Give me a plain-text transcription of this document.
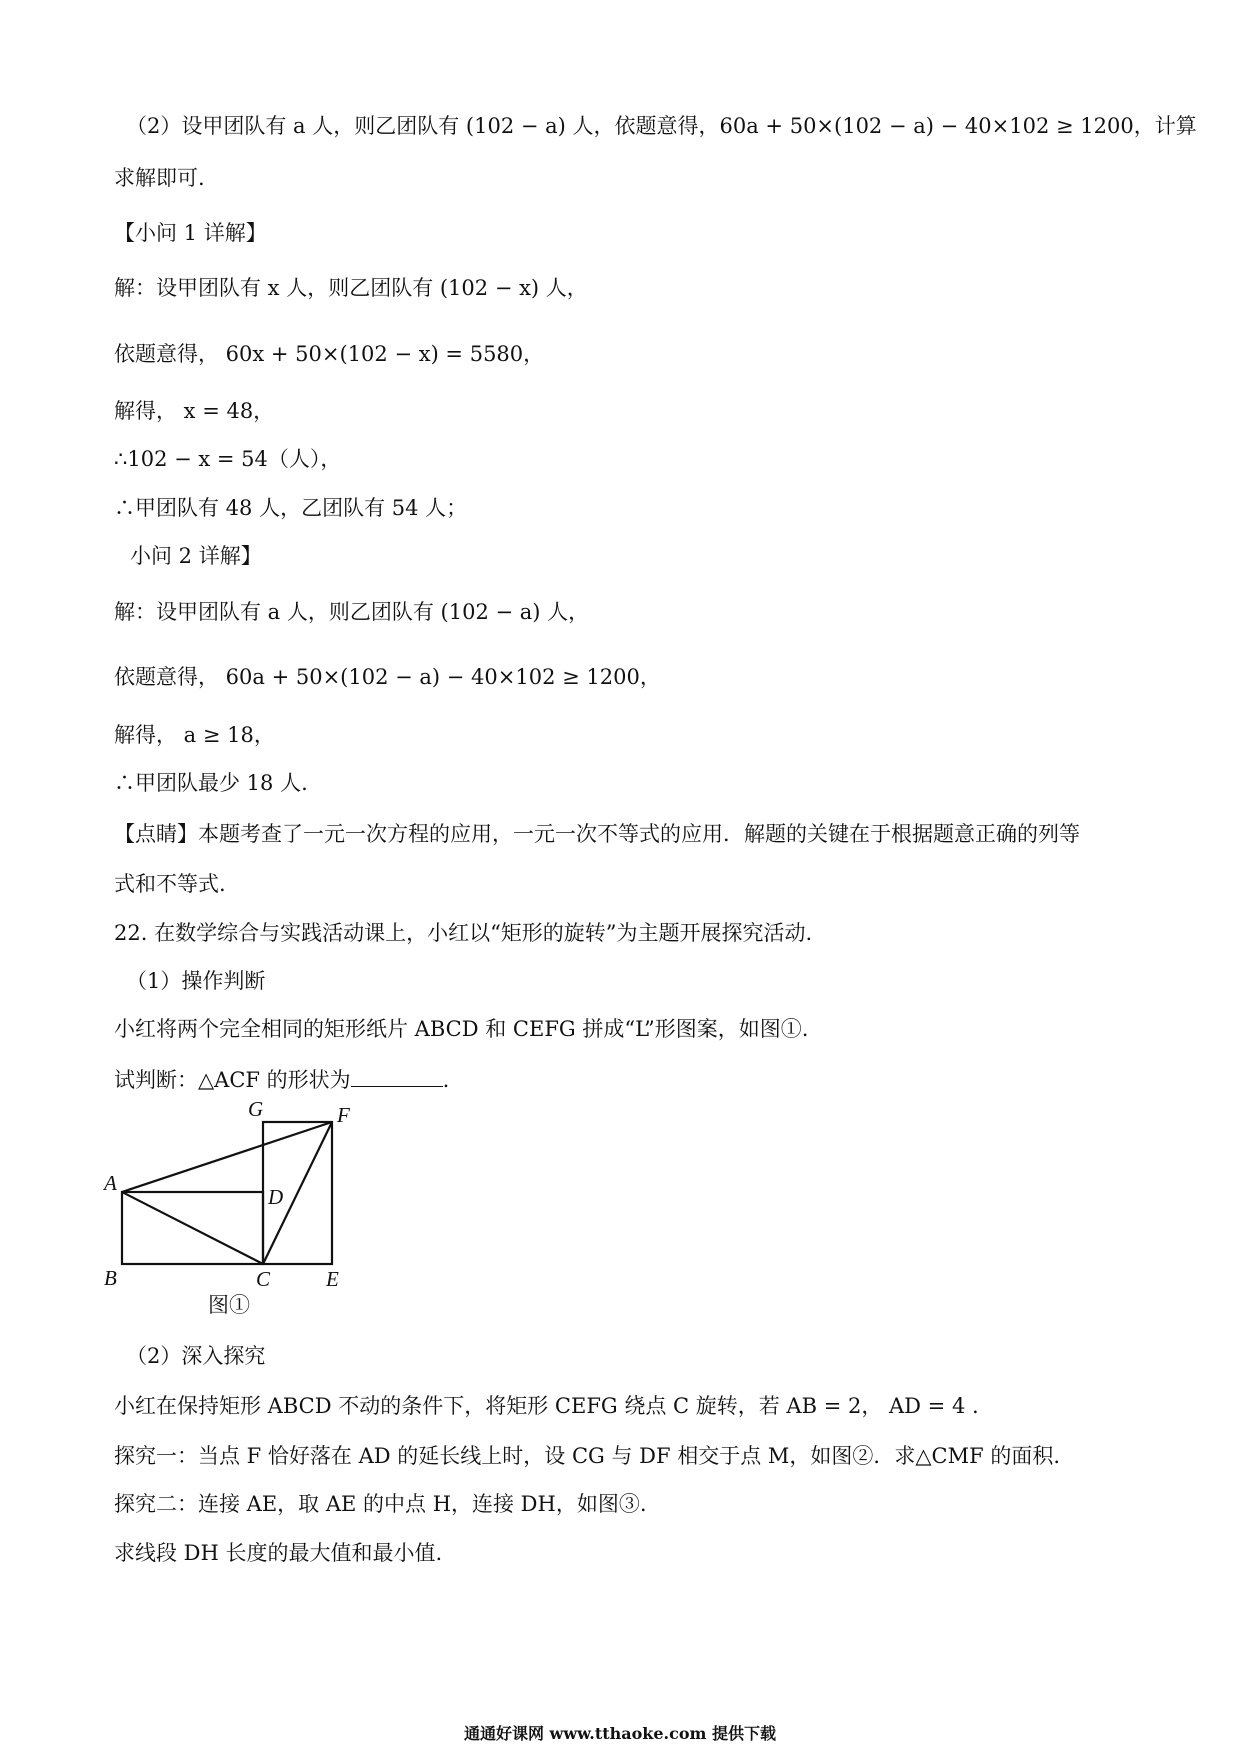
（2）设甲团队有 a 人，则乙团队有 (102 − a) 人，依题意得，60a + 50×(102 − a) − 40×102 ≥ 1200，计算
求解即可.
【小问 1 详解】
解：设甲团队有 x 人，则乙团队有 (102 − x) 人，
依题意得， 60x + 50×(102 − x) = 5580，
解得， x = 48，
∴102 − x = 54（人），
∴甲团队有 48 人，乙团队有 54 人；
小问 2 详解】
解：设甲团队有 a 人，则乙团队有 (102 − a) 人，
依题意得， 60a + 50×(102 − a) − 40×102 ≥ 1200，
解得， a ≥ 18，
∴甲团队最少 18 人.
【点睛】本题考查了一元一次方程的应用，一元一次不等式的应用．解题的关键在于根据题意正确的列等
式和不等式.
22. 在数学综合与实践活动课上，小红以“矩形的旋转”为主题开展探究活动.
（1）操作判断
小红将两个完全相同的矩形纸片 ABCD 和 CEFG 拼成“L”形图案，如图①.
试判断：△ACF 的形状为	.
G	F
A
D
B	C	E
图①
（2）深入探究
小红在保持矩形 ABCD 不动的条件下，将矩形 CEFG 绕点 C 旋转，若 AB = 2， AD = 4 .
探究一：当点 F 恰好落在 AD 的延长线上时，设 CG 与 DF 相交于点 M，如图②．求△CMF 的面积.
探究二：连接 AE，取 AE 的中点 H，连接 DH，如图③.
求线段 DH 长度的最大值和最小值.
通通好课网 www.tthaoke.com 提供下载
